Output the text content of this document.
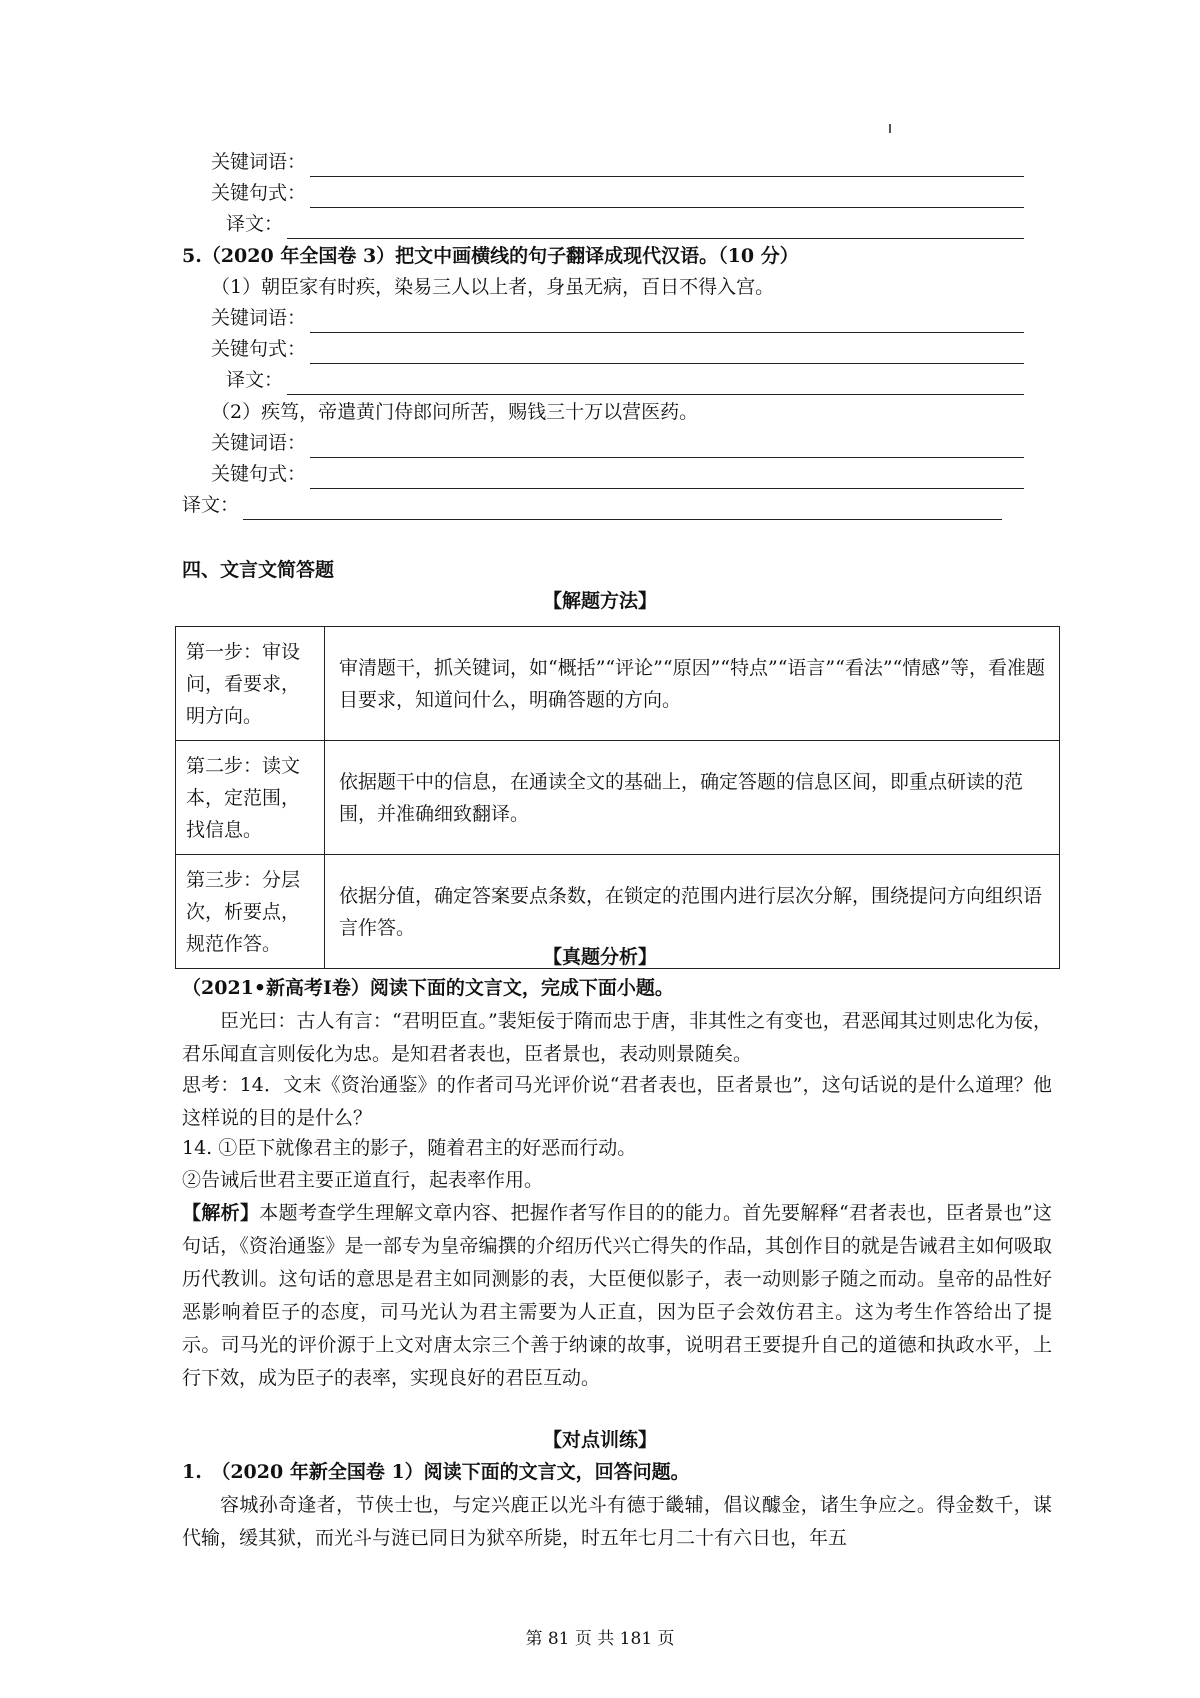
关键词语：
关键句式：
译文：
5.（2020 年全国卷 3）把文中画横线的句子翻译成现代汉语。（10 分）
（1）朝臣家有时疾，染易三人以上者，身虽无病，百日不得入宫。
关键词语：
关键句式：
译文：
（2）疾笃，帝遣黄门侍郎问所苦，赐钱三十万以营医药。
关键词语：
关键句式：
译文：
四、文言文简答题
【解题方法】
第一步：审设问，看要求，明方向。	审清题干，抓关键词，如“概括”“评论”“原因”“特点”“语言”“看法”“情感”等，看准题目要求，知道问什么，明确答题的方向。
第二步：读文本，定范围，找信息。	依据题干中的信息，在通读全文的基础上，确定答题的信息区间，即重点研读的范围，并准确细致翻译。
第三步：分层次，析要点，规范作答。	依据分值，确定答案要点条数，在锁定的范围内进行层次分解，围绕提问方向组织语言作答。
【真题分析】
（2021•新高考Ⅰ卷）阅读下面的文言文，完成下面小题。
臣光曰：古人有言：“君明臣直。”裴矩佞于隋而忠于唐，非其性之有变也，君恶闻其过则忠化为佞，君乐闻直言则佞化为忠。是知君者表也，臣者景也，表动则景随矣。
思考：14．文末《资治通鉴》的作者司马光评价说“君者表也，臣者景也”，这句话说的是什么道理？他这样说的目的是什么？
14. ①臣下就像君主的影子，随着君主的好恶而行动。
②告诫后世君主要正道直行，起表率作用。
【解析】本题考查学生理解文章内容、把握作者写作目的的能力。首先要解释“君者表也，臣者景也”这句话，《资治通鉴》是一部专为皇帝编撰的介绍历代兴亡得失的作品，其创作目的就是告诫君主如何吸取历代教训。这句话的意思是君主如同测影的表，大臣便似影子，表一动则影子随之而动。皇帝的品性好恶影响着臣子的态度，司马光认为君主需要为人正直，因为臣子会效仿君主。这为考生作答给出了提示。司马光的评价源于上文对唐太宗三个善于纳谏的故事，说明君王要提升自己的道德和执政水平，上行下效，成为臣子的表率，实现良好的君臣互动。
【对点训练】
1.　（2020 年新全国卷 1）阅读下面的文言文，回答问题。
容城孙奇逢者，节侠士也，与定兴鹿正以光斗有德于畿辅，倡议醵金，诸生争应之。得金数千，谋代输，缓其狱，而光斗与涟已同日为狱卒所毙，时五年七月二十有六日也，年五
第 81 页 共 181 页
